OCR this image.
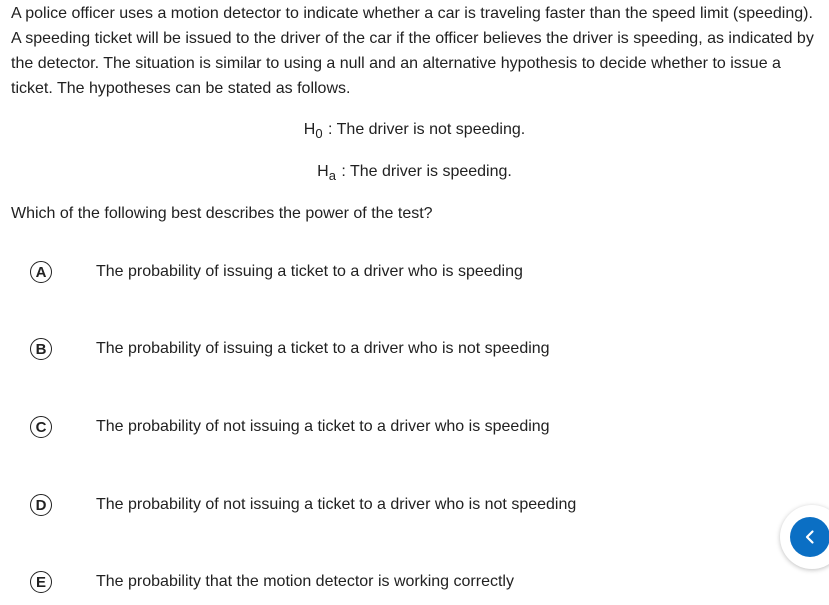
A police officer uses a motion detector to indicate whether a car is traveling faster than the speed limit (speeding). A speeding ticket will be issued to the driver of the car if the officer believes the driver is speeding, as indicated by the detector. The situation is similar to using a null and an alternative hypothesis to decide whether to issue a ticket. The hypotheses can be stated as follows.

$H_0$ : The driver is not speeding.
$H_a$ : The driver is speeding.
Which of the following best describes the power of the test?
A	The probability of issuing a ticket to a driver who is speeding
B	The probability of issuing a ticket to a driver who is not speeding
C	The probability of not issuing a ticket to a driver who is speeding
D	The probability of not issuing a ticket to a driver who is not speeding
E	The probability that the motion detector is working correctly
